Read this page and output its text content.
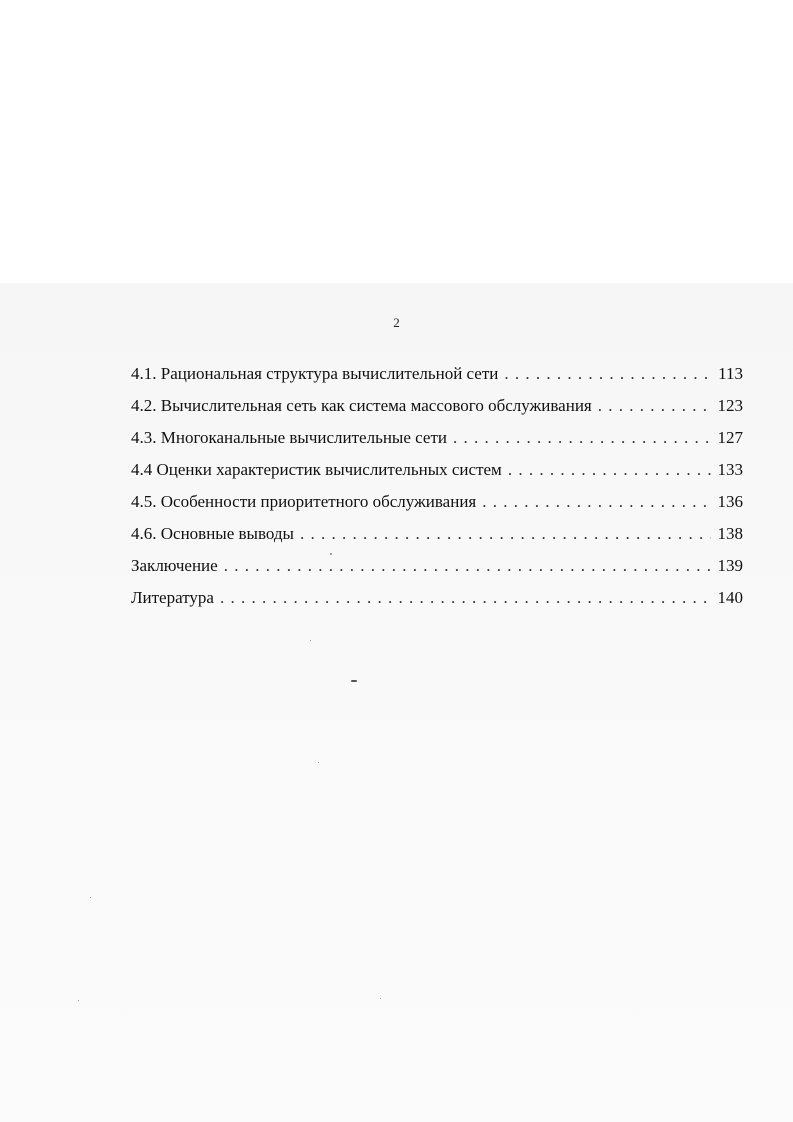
2
4.1. Рациональная структура вычислительной сети . . .	113
4.2. Вычислительная сеть как система массового обслуживания . . .	123
4.3. Многоканальные вычислительные сети . . .	127
4.4 Оценки характеристик вычислительных систем . . .	133
4.5. Особенности приоритетного обслуживания . . .	136
4.6. Основные выводы . . .	138
Заключение . . .	139
Литература . . .	140
